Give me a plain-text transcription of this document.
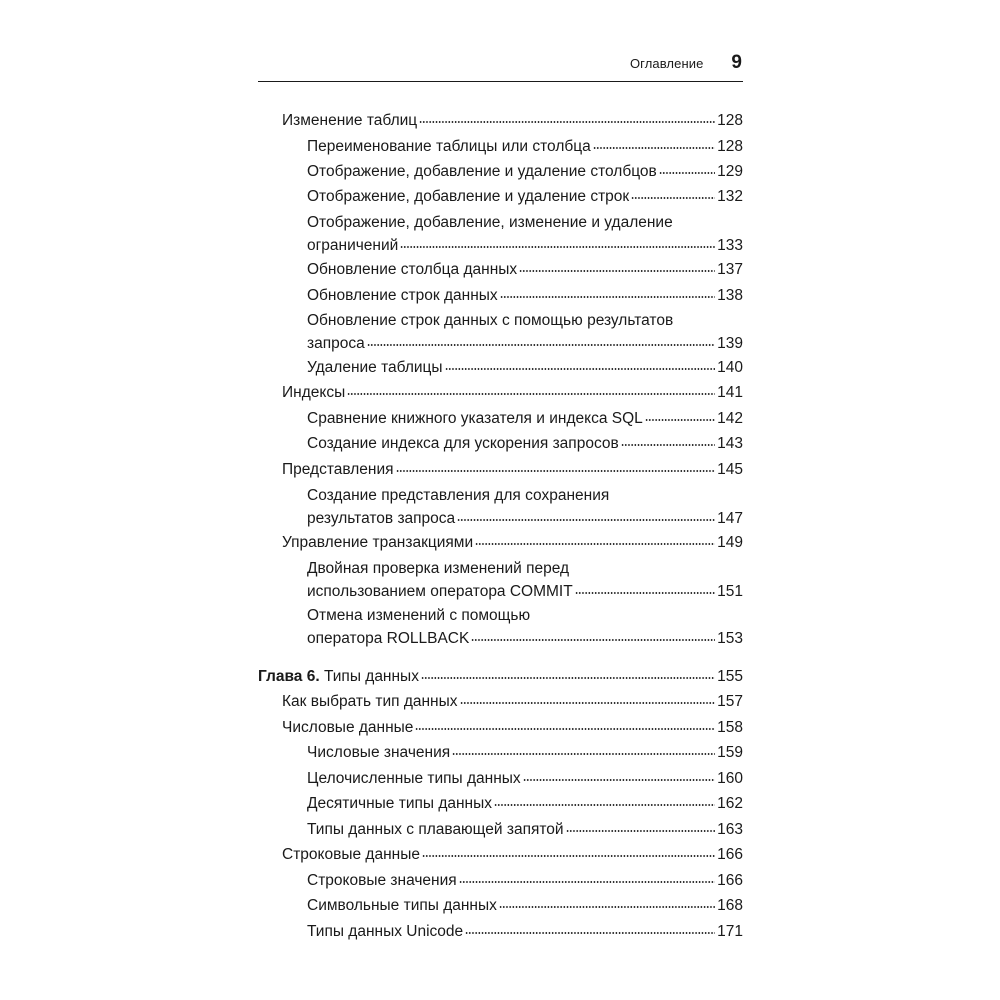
Оглавление 9
Изменение таблиц	128
Переименование таблицы или столбца	128
Отображение, добавление и удаление столбцов	129
Отображение, добавление и удаление строк	132
Отображение, добавление, изменение и удаление
ограничений	133
Обновление столбца данных	137
Обновление строк данных	138
Обновление строк данных с помощью результатов
запроса	139
Удаление таблицы	140
Индексы	141
Сравнение книжного указателя и индекса SQL	142
Создание индекса для ускорения запросов	143
Представления	145
Создание представления для сохранения
результатов запроса	147
Управление транзакциями	149
Двойная проверка изменений перед
использованием оператора COMMIT	151
Отмена изменений с помощью
оператора ROLLBACK	153
Глава 6. Типы данных	155
Как выбрать тип данных	157
Числовые данные	158
Числовые значения	159
Целочисленные типы данных	160
Десятичные типы данных	162
Типы данных с плавающей запятой	163
Строковые данные	166
Строковые значения	166
Символьные типы данных	168
Типы данных Unicode	171
